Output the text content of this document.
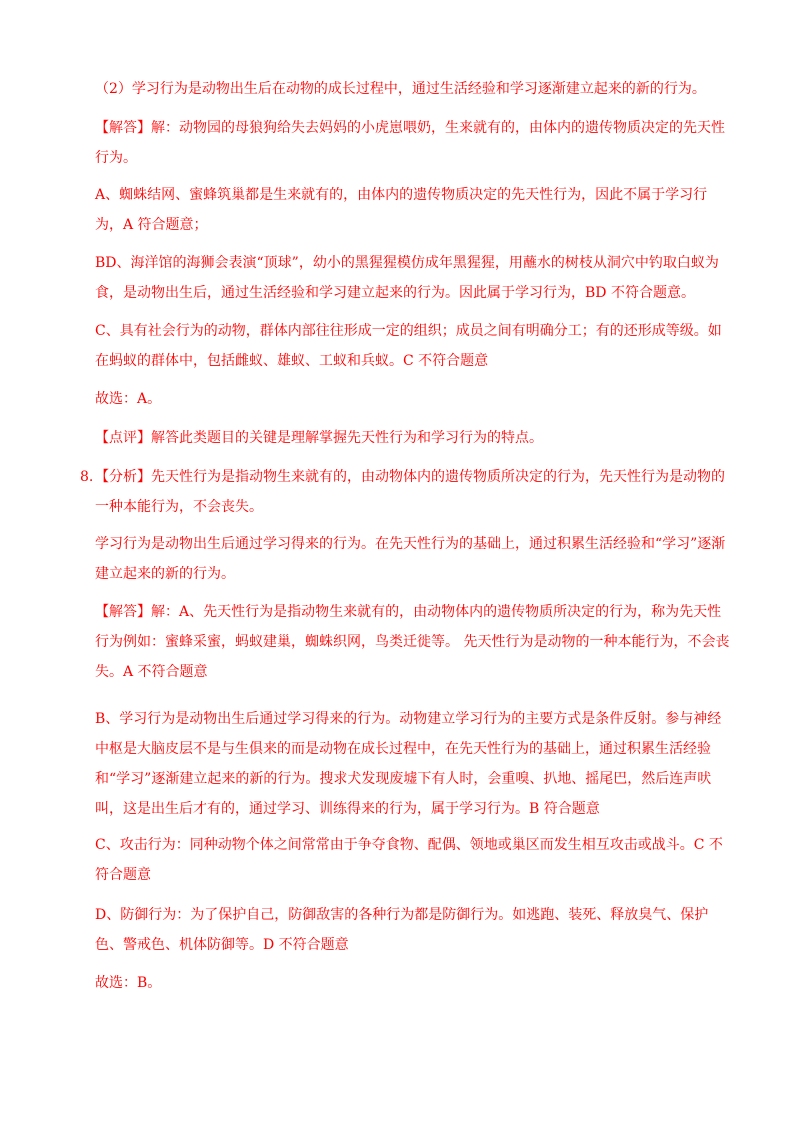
（2）学习行为是动物出生后在动物的成长过程中，通过生活经验和学习逐渐建立起来的新的行为。
【解答】解：动物园的母狼狗给失去妈妈的小虎崽喂奶，生来就有的，由体内的遗传物质决定的先天性行为。
A、蜘蛛结网、蜜蜂筑巢都是生来就有的，由体内的遗传物质决定的先天性行为，因此不属于学习行为，A 符合题意；
BD、海洋馆的海狮会表演“顶球”，幼小的黑猩猩模仿成年黑猩猩，用蘸水的树枝从洞穴中钓取白蚁为食，是动物出生后，通过生活经验和学习建立起来的行为。因此属于学习行为，BD 不符合题意。
C、具有社会行为的动物，群体内部往往形成一定的组织；成员之间有明确分工；有的还形成等级。如在蚂蚁的群体中，包括雌蚁、雄蚁、工蚁和兵蚁。C 不符合题意
故选：A。
【点评】解答此类题目的关键是理解掌握先天性行为和学习行为的特点。
8. 【分析】先天性行为是指动物生来就有的，由动物体内的遗传物质所决定的行为，先天性行为是动物的一种本能行为，不会丧失。
学习行为是动物出生后通过学习得来的行为。在先天性行为的基础上，通过积累生活经验和“学习”逐渐建立起来的新的行为。
【解答】解：A、先天性行为是指动物生来就有的，由动物体内的遗传物质所决定的行为，称为先天性行为例如：蜜蜂采蜜，蚂蚁建巢，蜘蛛织网，鸟类迁徙等。 先天性行为是动物的一种本能行为，不会丧失。A 不符合题意
B、学习行为是动物出生后通过学习得来的行为。动物建立学习行为的主要方式是条件反射。参与神经中枢是大脑皮层不是与生俱来的而是动物在成长过程中，在先天性行为的基础上，通过积累生活经验和“学习”逐渐建立起来的新的行为。搜求犬发现废墟下有人时，会重嗅、扒地、摇尾巴，然后连声吠叫，这是出生后才有的，通过学习、训练得来的行为，属于学习行为。B 符合题意
C、攻击行为：同种动物个体之间常常由于争夺食物、配偶、领地或巢区而发生相互攻击或战斗。C 不符合题意
D、防御行为：为了保护自己，防御敌害的各种行为都是防御行为。如逃跑、装死、释放臭气、保护色、警戒色、机体防御等。D 不符合题意
故选：B。
